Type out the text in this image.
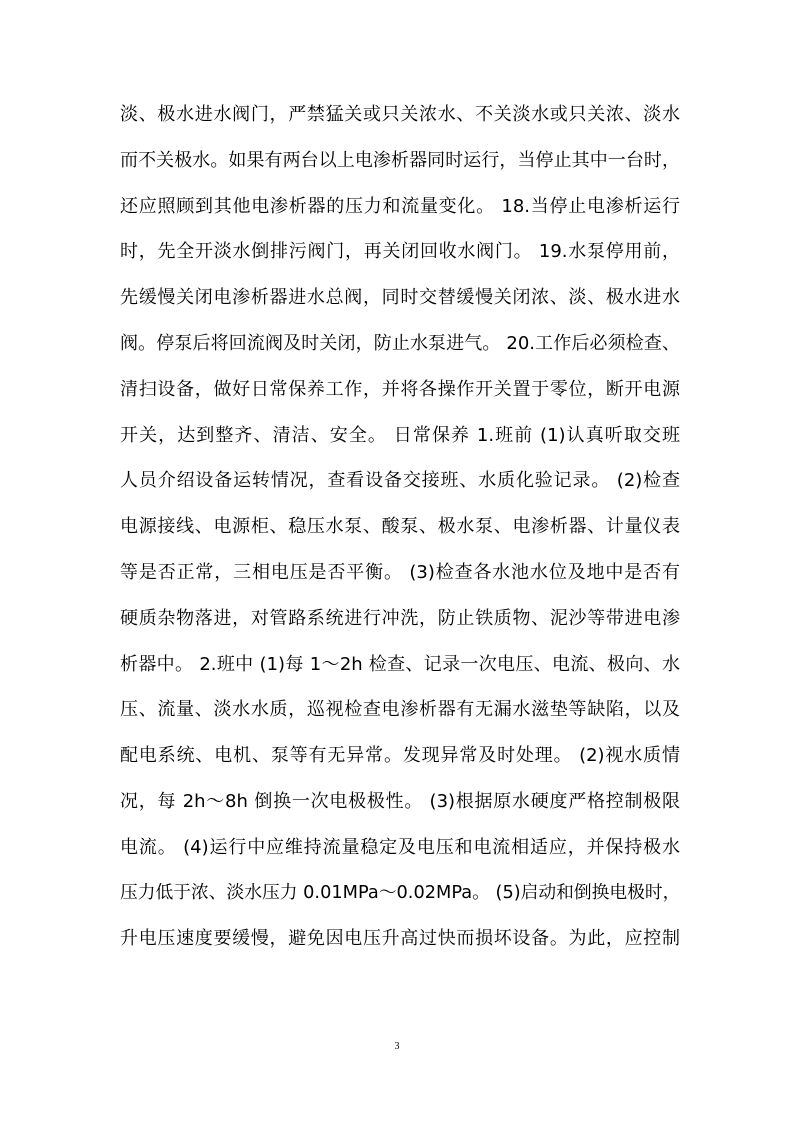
淡、极水进水阀门，严禁猛关或只关浓水、不关淡水或只关浓、淡水
而不关极水。如果有两台以上电渗析器同时运行，当停止其中一台时，
还应照顾到其他电渗析器的压力和流量变化。 18.当停止电渗析运行
时，先全开淡水倒排污阀门，再关闭回收水阀门。 19.水泵停用前，
先缓慢关闭电渗析器进水总阀，同时交替缓慢关闭浓、淡、极水进水
阀。停泵后将回流阀及时关闭，防止水泵进气。 20.工作后必须检查、
清扫设备，做好日常保养工作，并将各操作开关置于零位，断开电源
开关，达到整齐、清洁、安全。 日常保养 1.班前 (1)认真听取交班
人员介绍设备运转情况，查看设备交接班、水质化验记录。 (2)检查
电源接线、电源柜、稳压水泵、酸泵、极水泵、电渗析器、计量仪表
等是否正常，三相电压是否平衡。 (3)检查各水池水位及地中是否有
硬质杂物落进，对管路系统进行冲洗，防止铁质物、泥沙等带进电渗
析器中。 2.班中 (1)每 1～2h 检查、记录一次电压、电流、极向、水
压、流量、淡水水质，巡视检查电渗析器有无漏水滋垫等缺陷，以及
配电系统、电机、泵等有无异常。发现异常及时处理。 (2)视水质情
况，每 2h～8h 倒换一次电极极性。 (3)根据原水硬度严格控制极限
电流。 (4)运行中应维持流量稳定及电压和电流相适应，并保持极水
压力低于浓、淡水压力 0.01MPa～0.02MPa。 (5)启动和倒换电极时，
升电压速度要缓慢，避免因电压升高过快而损坏设备。为此，应控制
3
